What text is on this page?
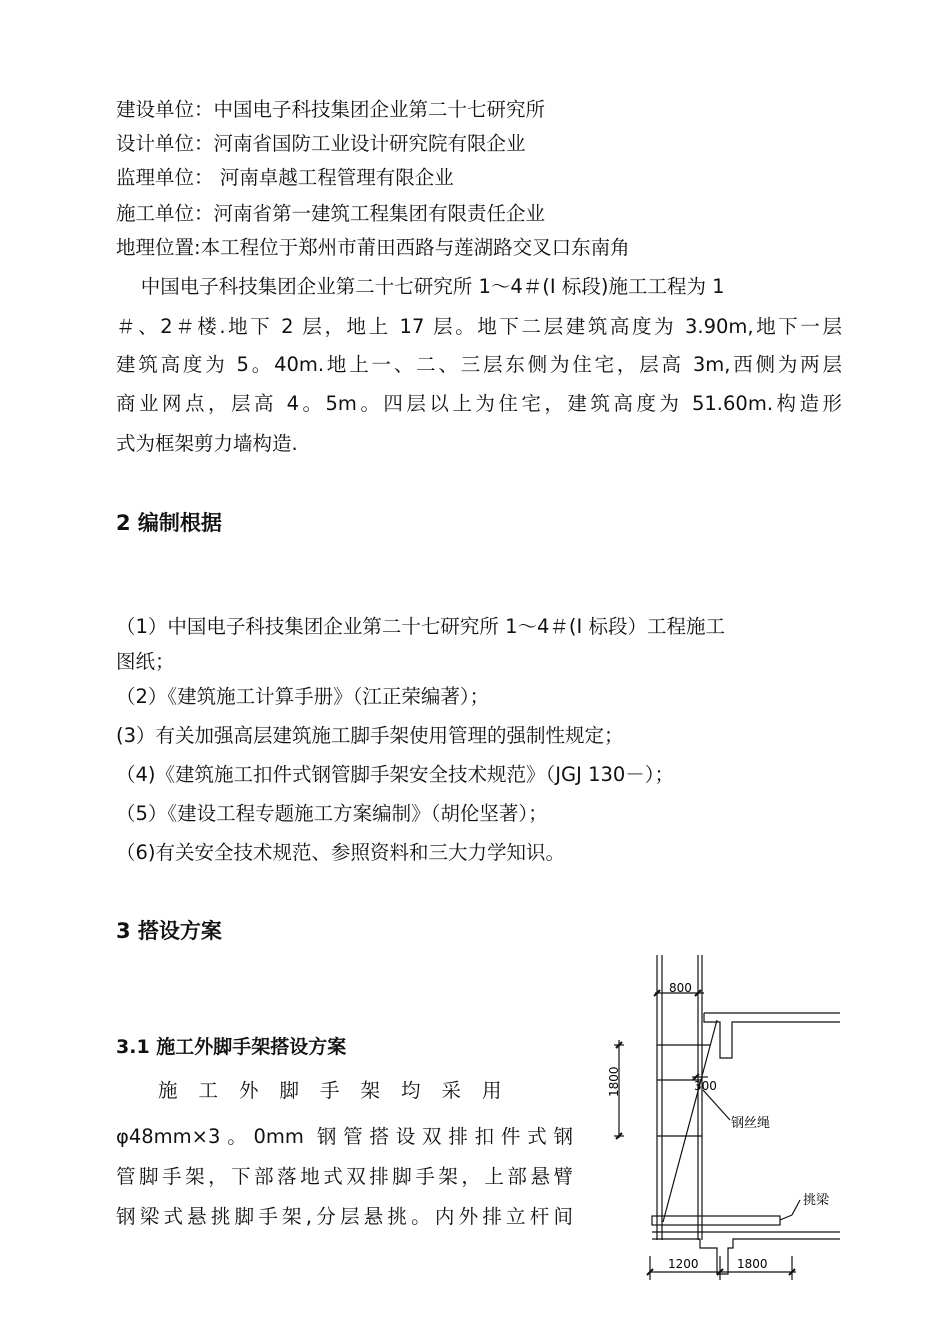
建设单位：中国电子科技集团企业第二十七研究所
设计单位：河南省国防工业设计研究院有限企业
监理单位： 河南卓越工程管理有限企业
施工单位：河南省第一建筑工程集团有限责任企业
地理位置:本工程位于郑州市莆田西路与莲湖路交叉口东南角
中国电子科技集团企业第二十七研究所 1～4＃(Ⅰ 标段)施工工程为 1
＃、2＃楼.地下 2 层，地上 17 层。地下二层建筑高度为 3.90m,地下一层
建筑高度为 5。40m.地上一、二、三层东侧为住宅，层高 3m,西侧为两层
商业网点，层高 4。5m。四层以上为住宅，建筑高度为 51.60m.构造形
式为框架剪力墙构造.
2 编制根据
（1）中国电子科技集团企业第二十七研究所 1～4＃(Ⅰ 标段）工程施工
图纸；
（2）《建筑施工计算手册》（江正荣编著）；
(3）有关加强高层建筑施工脚手架使用管理的强制性规定；
（4)《建筑施工扣件式钢管脚手架安全技术规范》（JGJ 130－）；
（5）《建设工程专题施工方案编制》（胡伦坚著）；
（6)有关安全技术规范、参照资料和三大力学知识。
3 搭设方案
3.1 施工外脚手架搭设方案
施工外脚手架均采用
φ48mm×3。0mm 钢管搭设双排扣件式钢
管脚手架，下部落地式双排脚手架，上部悬臂
钢梁式悬挑脚手架,分层悬挑。内外排立杆间
800
1800	300
钢丝绳
挑梁
1200	1800
